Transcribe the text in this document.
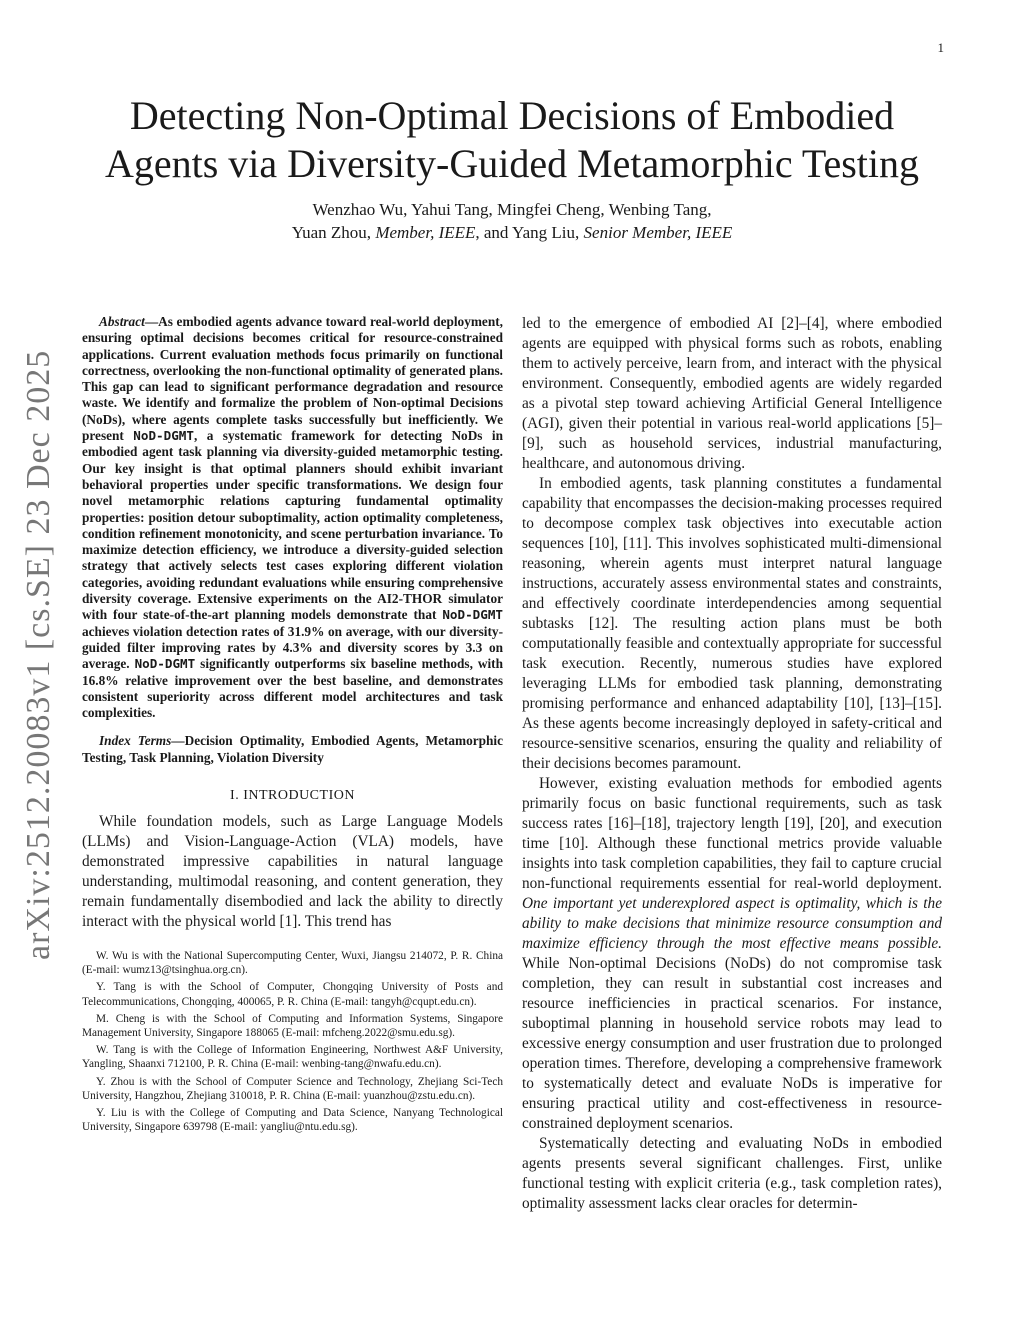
1
arXiv:2512.20083v1 [cs.SE] 23 Dec 2025
Detecting Non-Optimal Decisions of Embodied
Agents via Diversity-Guided Metamorphic Testing
Wenzhao Wu, Yahui Tang, Mingfei Cheng, Wenbing Tang,
Yuan Zhou, Member, IEEE, and Yang Liu, Senior Member, IEEE

Abstract—As embodied agents advance toward real-world deployment, ensuring optimal decisions becomes critical for resource-constrained applications. Current evaluation methods focus primarily on functional correctness, overlooking the non-functional optimality of generated plans. This gap can lead to significant performance degradation and resource waste. We identify and formalize the problem of Non-optimal Decisions (NoDs), where agents complete tasks successfully but inefficiently. We present NoD-DGMT, a systematic framework for detecting NoDs in embodied agent task planning via diversity-guided metamorphic testing. Our key insight is that optimal planners should exhibit invariant behavioral properties under specific transformations. We design four novel metamorphic relations capturing fundamental optimality properties: position detour suboptimality, action optimality completeness, condition refinement monotonicity, and scene perturbation invariance. To maximize detection efficiency, we introduce a diversity-guided selection strategy that actively selects test cases exploring different violation categories, avoiding redundant evaluations while ensuring comprehensive diversity coverage. Extensive experiments on the AI2-THOR simulator with four state-of-the-art planning models demonstrate that NoD-DGMT achieves violation detection rates of 31.9% on average, with our diversity-guided filter improving rates by 4.3% and diversity scores by 3.3 on average. NoD-DGMT significantly outperforms six baseline methods, with 16.8% relative improvement over the best baseline, and demonstrates consistent superiority across different model architectures and task complexities.

Index Terms—Decision Optimality, Embodied Agents, Metamorphic Testing, Task Planning, Violation Diversity

I. INTRODUCTION

While foundation models, such as Large Language Models (LLMs) and Vision-Language-Action (VLA) models, have demonstrated impressive capabilities in natural language understanding, multimodal reasoning, and content generation, they remain fundamentally disembodied and lack the ability to directly interact with the physical world [1]. This trend has

W. Wu is with the National Supercomputing Center, Wuxi, Jiangsu 214072, P. R. China (E-mail: wumz13@tsinghua.org.cn).

Y. Tang is with the School of Computer, Chongqing University of Posts and Telecommunications, Chongqing, 400065, P. R. China (E-mail: tangyh@cqupt.edu.cn).

M. Cheng is with the School of Computing and Information Systems, Singapore Management University, Singapore 188065 (E-mail: mfcheng.2022@smu.edu.sg).

W. Tang is with the College of Information Engineering, Northwest A&F University, Yangling, Shaanxi 712100, P. R. China (E-mail: wenbing-tang@nwafu.edu.cn).

Y. Zhou is with the School of Computer Science and Technology, Zhejiang Sci-Tech University, Hangzhou, Zhejiang 310018, P. R. China (E-mail: yuanzhou@zstu.edu.cn).

Y. Liu is with the College of Computing and Data Science, Nanyang Technological University, Singapore 639798 (E-mail: yangliu@ntu.edu.sg).

led to the emergence of embodied AI [2]–[4], where embodied agents are equipped with physical forms such as robots, enabling them to actively perceive, learn from, and interact with the physical environment. Consequently, embodied agents are widely regarded as a pivotal step toward achieving Artificial General Intelligence (AGI), given their potential in various real-world applications [5]–[9], such as household services, industrial manufacturing, healthcare, and autonomous driving.

In embodied agents, task planning constitutes a fundamental capability that encompasses the decision-making processes required to decompose complex task objectives into executable action sequences [10], [11]. This involves sophisticated multi-dimensional reasoning, wherein agents must interpret natural language instructions, accurately assess environmental states and constraints, and effectively coordinate interdependencies among sequential subtasks [12]. The resulting action plans must be both computationally feasible and contextually appropriate for successful task execution. Recently, numerous studies have explored leveraging LLMs for embodied task planning, demonstrating promising performance and enhanced adaptability [10], [13]–[15]. As these agents become increasingly deployed in safety-critical and resource-sensitive scenarios, ensuring the quality and reliability of their decisions becomes paramount.

However, existing evaluation methods for embodied agents primarily focus on basic functional requirements, such as task success rates [16]–[18], trajectory length [19], [20], and execution time [10]. Although these functional metrics provide valuable insights into task completion capabilities, they fail to capture crucial non-functional requirements essential for real-world deployment. One important yet underexplored aspect is optimality, which is the ability to make decisions that minimize resource consumption and maximize efficiency through the most effective means possible. While Non-optimal Decisions (NoDs) do not compromise task completion, they can result in substantial cost increases and resource inefficiencies in practical scenarios. For instance, suboptimal planning in household service robots may lead to excessive energy consumption and user frustration due to prolonged operation times. Therefore, developing a comprehensive framework to systematically detect and evaluate NoDs is imperative for ensuring practical utility and cost-effectiveness in resource-constrained deployment scenarios.

Systematically detecting and evaluating NoDs in embodied agents presents several significant challenges. First, unlike functional testing with explicit criteria (e.g., task completion rates), optimality assessment lacks clear oracles for determin-
